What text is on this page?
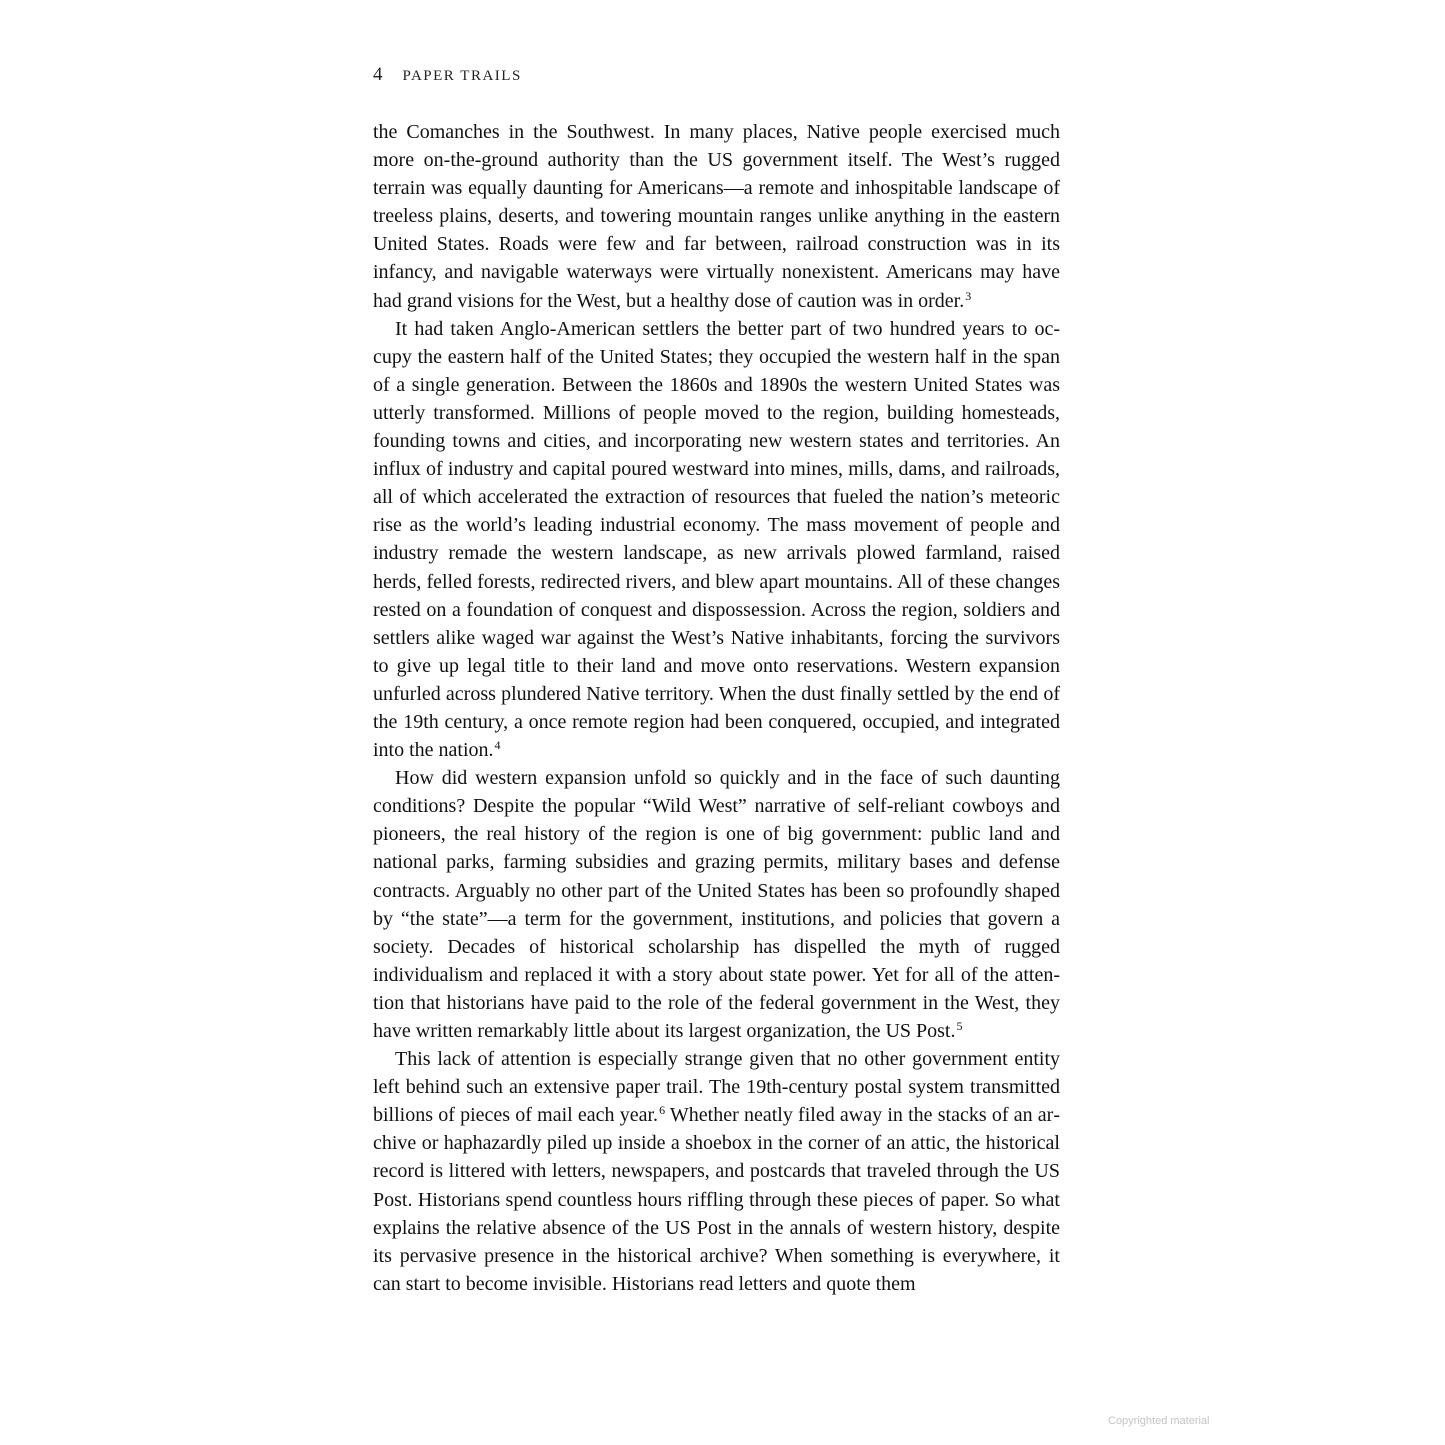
4 PAPER TRAILS

the Comanches in the Southwest. In many places, Native people exercised much more on-the-ground authority than the US government itself. The West’s rugged terrain was equally daunting for Americans—a remote and inhospitable landscape of treeless plains, deserts, and towering mountain ranges unlike anything in the eastern United States. Roads were few and far between, railroad construction was in its infancy, and navigable waterways were virtually nonexistent. Americans may have had grand visions for the West, but a healthy dose of caution was in order.$^3$

It had taken Anglo-American settlers the better part of two hundred years to occupy the eastern half of the United States; they occupied the western half in the span of a single generation. Between the 1860s and 1890s the western United States was utterly transformed. Millions of people moved to the region, building homesteads, founding towns and cities, and incorporating new western states and territories. An influx of industry and capital poured westward into mines, mills, dams, and railroads, all of which accelerated the extraction of resources that fueled the nation’s meteoric rise as the world’s leading industrial economy. The mass movement of people and industry remade the western landscape, as new arrivals plowed farmland, raised herds, felled forests, redirected rivers, and blew apart mountains. All of these changes rested on a foundation of conquest and dispossession. Across the region, soldiers and settlers alike waged war against the West’s Native inhabitants, forcing the survivors to give up legal title to their land and move onto reservations. Western expansion unfurled across plundered Native territory. When the dust finally settled by the end of the 19th century, a once remote region had been conquered, occupied, and integrated into the nation.$^4$

How did western expansion unfold so quickly and in the face of such daunting conditions? Despite the popular “Wild West” narrative of self-reliant cowboys and pioneers, the real history of the region is one of big government: public land and national parks, farming subsidies and grazing permits, military bases and defense contracts. Arguably no other part of the United States has been so profoundly shaped by “the state”—a term for the government, institutions, and policies that govern a society. Decades of historical scholarship has dispelled the myth of rugged individualism and replaced it with a story about state power. Yet for all of the attention that historians have paid to the role of the federal government in the West, they have written remarkably little about its largest organization, the US Post.$^5$

This lack of attention is especially strange given that no other government entity left behind such an extensive paper trail. The 19th-century postal system transmitted billions of pieces of mail each year.$^6$ Whether neatly filed away in the stacks of an archive or haphazardly piled up inside a shoebox in the corner of an attic, the historical record is littered with letters, newspapers, and postcards that traveled through the US Post. Historians spend countless hours riffling through these pieces of paper. So what explains the relative absence of the US Post in the annals of western history, despite its pervasive presence in the historical archive? When something is everywhere, it can start to become invisible. Historians read letters and quote them

Copyrighted material
